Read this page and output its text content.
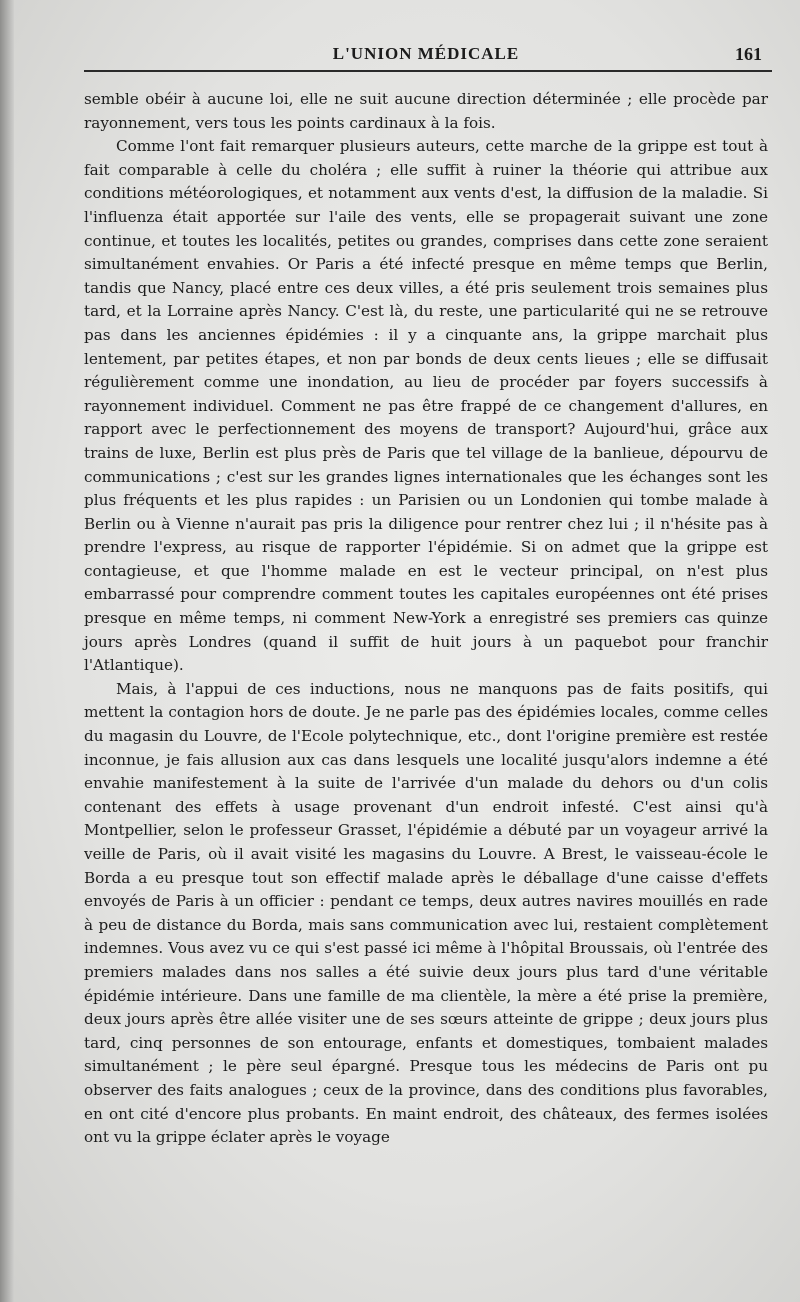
L'UNION MÉDICALE	161

semble obéir à aucune loi, elle ne suit aucune direction déterminée ; elle procède par rayonnement, vers tous les points cardinaux à la fois.

Comme l'ont fait remarquer plusieurs auteurs, cette marche de la grippe est tout à fait comparable à celle du choléra ; elle suffit à ruiner la théorie qui attribue aux conditions météorologiques, et notamment aux vents d'est, la diffusion de la maladie. Si l'influenza était apportée sur l'aile des vents, elle se propagerait suivant une zone continue, et toutes les localités, petites ou grandes, comprises dans cette zone seraient simultanément envahies. Or Paris a été infecté presque en même temps que Berlin, tandis que Nancy, placé entre ces deux villes, a été pris seulement trois semaines plus tard, et la Lorraine après Nancy. C'est là, du reste, une particularité qui ne se retrouve pas dans les anciennes épidémies : il y a cinquante ans, la grippe marchait plus lentement, par petites étapes, et non par bonds de deux cents lieues ; elle se diffusait régulièrement comme une inondation, au lieu de procéder par foyers successifs à rayonnement individuel. Comment ne pas être frappé de ce changement d'allures, en rapport avec le perfectionnement des moyens de transport? Aujourd'hui, grâce aux trains de luxe, Berlin est plus près de Paris que tel village de la banlieue, dépourvu de communications ; c'est sur les grandes lignes internationales que les échanges sont les plus fréquents et les plus rapides : un Parisien ou un Londonien qui tombe malade à Berlin ou à Vienne n'aurait pas pris la diligence pour rentrer chez lui ; il n'hésite pas à prendre l'express, au risque de rapporter l'épidémie. Si on admet que la grippe est contagieuse, et que l'homme malade en est le vecteur principal, on n'est plus embarrassé pour comprendre comment toutes les capitales européennes ont été prises presque en même temps, ni comment New-York a enregistré ses premiers cas quinze jours après Londres (quand il suffit de huit jours à un paquebot pour franchir l'Atlantique).

Mais, à l'appui de ces inductions, nous ne manquons pas de faits positifs, qui mettent la contagion hors de doute. Je ne parle pas des épidémies locales, comme celles du magasin du Louvre, de l'Ecole polytechnique, etc., dont l'origine première est restée inconnue, je fais allusion aux cas dans lesquels une localité jusqu'alors indemne a été envahie manifestement à la suite de l'arrivée d'un malade du dehors ou d'un colis contenant des effets à usage provenant d'un endroit infesté. C'est ainsi qu'à Montpellier, selon le professeur Grasset, l'épidémie a débuté par un voyageur arrivé la veille de Paris, où il avait visité les magasins du Louvre. A Brest, le vaisseau-école le Borda a eu presque tout son effectif malade après le déballage d'une caisse d'effets envoyés de Paris à un officier : pendant ce temps, deux autres navires mouillés en rade à peu de distance du Borda, mais sans communication avec lui, restaient complètement indemnes. Vous avez vu ce qui s'est passé ici même à l'hôpital Broussais, où l'entrée des premiers malades dans nos salles a été suivie deux jours plus tard d'une véritable épidémie intérieure. Dans une famille de ma clientèle, la mère a été prise la première, deux jours après être allée visiter une de ses sœurs atteinte de grippe ; deux jours plus tard, cinq personnes de son entourage, enfants et domestiques, tombaient malades simultanément ; le père seul épargné. Presque tous les médecins de Paris ont pu observer des faits analogues ; ceux de la province, dans des conditions plus favorables, en ont cité d'encore plus probants. En maint endroit, des châteaux, des fermes isolées ont vu la grippe éclater après le voyage
